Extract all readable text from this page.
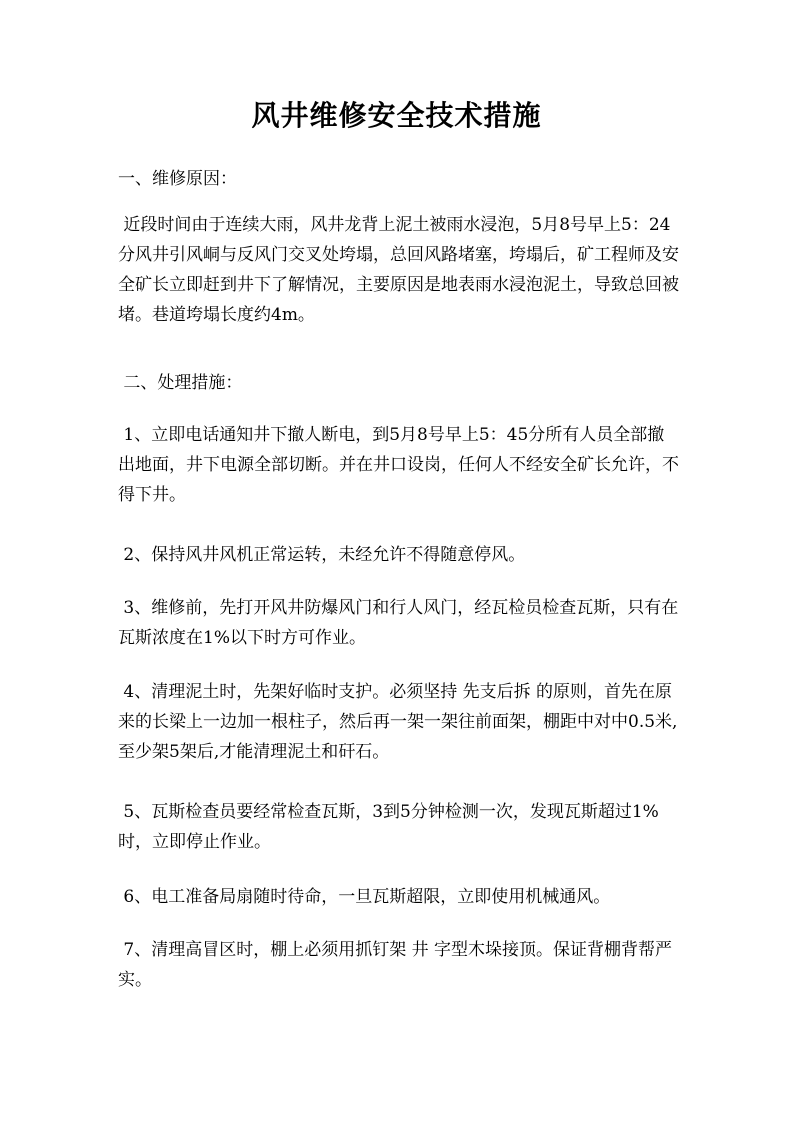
风井维修安全技术措施
一、维修原因：
近段时间由于连续大雨，风井龙背上泥土被雨水浸泡，5月8号早上5：24分风井引风峒与反风门交叉处垮塌，总回风路堵塞，垮塌后，矿工程师及安全矿长立即赶到井下了解情况，主要原因是地表雨水浸泡泥土，导致总回被堵。巷道垮塌长度约4m。
二、处理措施：
1、立即电话通知井下撤人断电，到5月8号早上5：45分所有人员全部撤出地面，井下电源全部切断。并在井口设岗，任何人不经安全矿长允许，不得下井。
2、保持风井风机正常运转，未经允许不得随意停风。
3、维修前，先打开风井防爆风门和行人风门，经瓦检员检查瓦斯，只有在瓦斯浓度在1%以下时方可作业。
4、清理泥土时，先架好临时支护。必须坚持 先支后拆 的原则，首先在原来的长梁上一边加一根柱子，然后再一架一架往前面架，棚距中对中0.5米,至少架5架后,才能清理泥土和矸石。
5、瓦斯检查员要经常检查瓦斯，3到5分钟检测一次，发现瓦斯超过1%时，立即停止作业。
6、电工准备局扇随时待命，一旦瓦斯超限，立即使用机械通风。
7、清理高冒区时，棚上必须用抓钉架 井 字型木垛接顶。保证背棚背帮严实。
